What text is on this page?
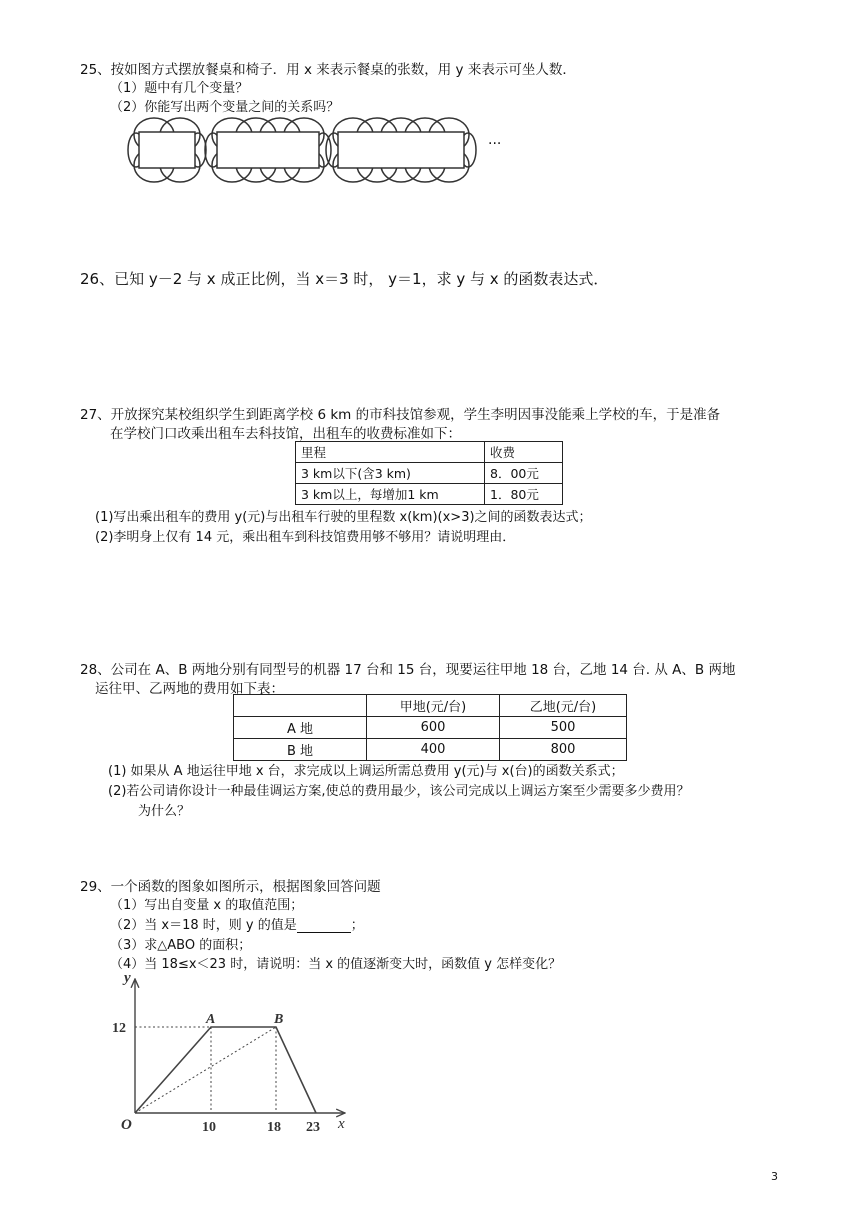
25、按如图方式摆放餐桌和椅子．用 x 来表示餐桌的张数，用 y 来表示可坐人数．
（1）题中有几个变量？
（2）你能写出两个变量之间的关系吗？
···
26、已知 y－2 与 x 成正比例，当 x＝3 时， y＝1，求 y 与 x 的函数表达式．
27、开放探究某校组织学生到距离学校 6 km 的市科技馆参观，学生李明因事没能乘上学校的车，于是准备
在学校门口改乘出租车去科技馆，出租车的收费标准如下：
里程	收费
3 km以下(含3 km)	8．00元
3 km以上，每增加1 km	1．80元
(1)写出乘出租车的费用 y(元)与出租车行驶的里程数 x(km)(x>3)之间的函数表达式；
(2)李明身上仅有 14 元，乘出租车到科技馆费用够不够用？请说明理由．
28、公司在 A、B 两地分别有同型号的机器 17 台和 15 台，现要运往甲地 18 台，乙地 14 台. 从 A、B 两地
运往甲、乙两地的费用如下表：
	甲地(元/台)	乙地(元/台)
A 地	600	500
B 地	400	800
(1) 如果从 A 地运往甲地 x 台，求完成以上调运所需总费用 y(元)与 x(台)的函数关系式；
(2)若公司请你设计一种最佳调运方案,使总的费用最少，该公司完成以上调运方案至少需要多少费用？
为什么？
29、一个函数的图象如图所示，根据图象回答问题
（1）写出自变量 x 的取值范围；
（2）当 x＝18 时，则 y 的值是	；
（3）求△ABO 的面积；
（4）当 18≤x＜23 时，请说明：当 x 的值逐渐变大时，函数值 y 怎样变化？
y
x
O
A	B
12
10	18 23
3
